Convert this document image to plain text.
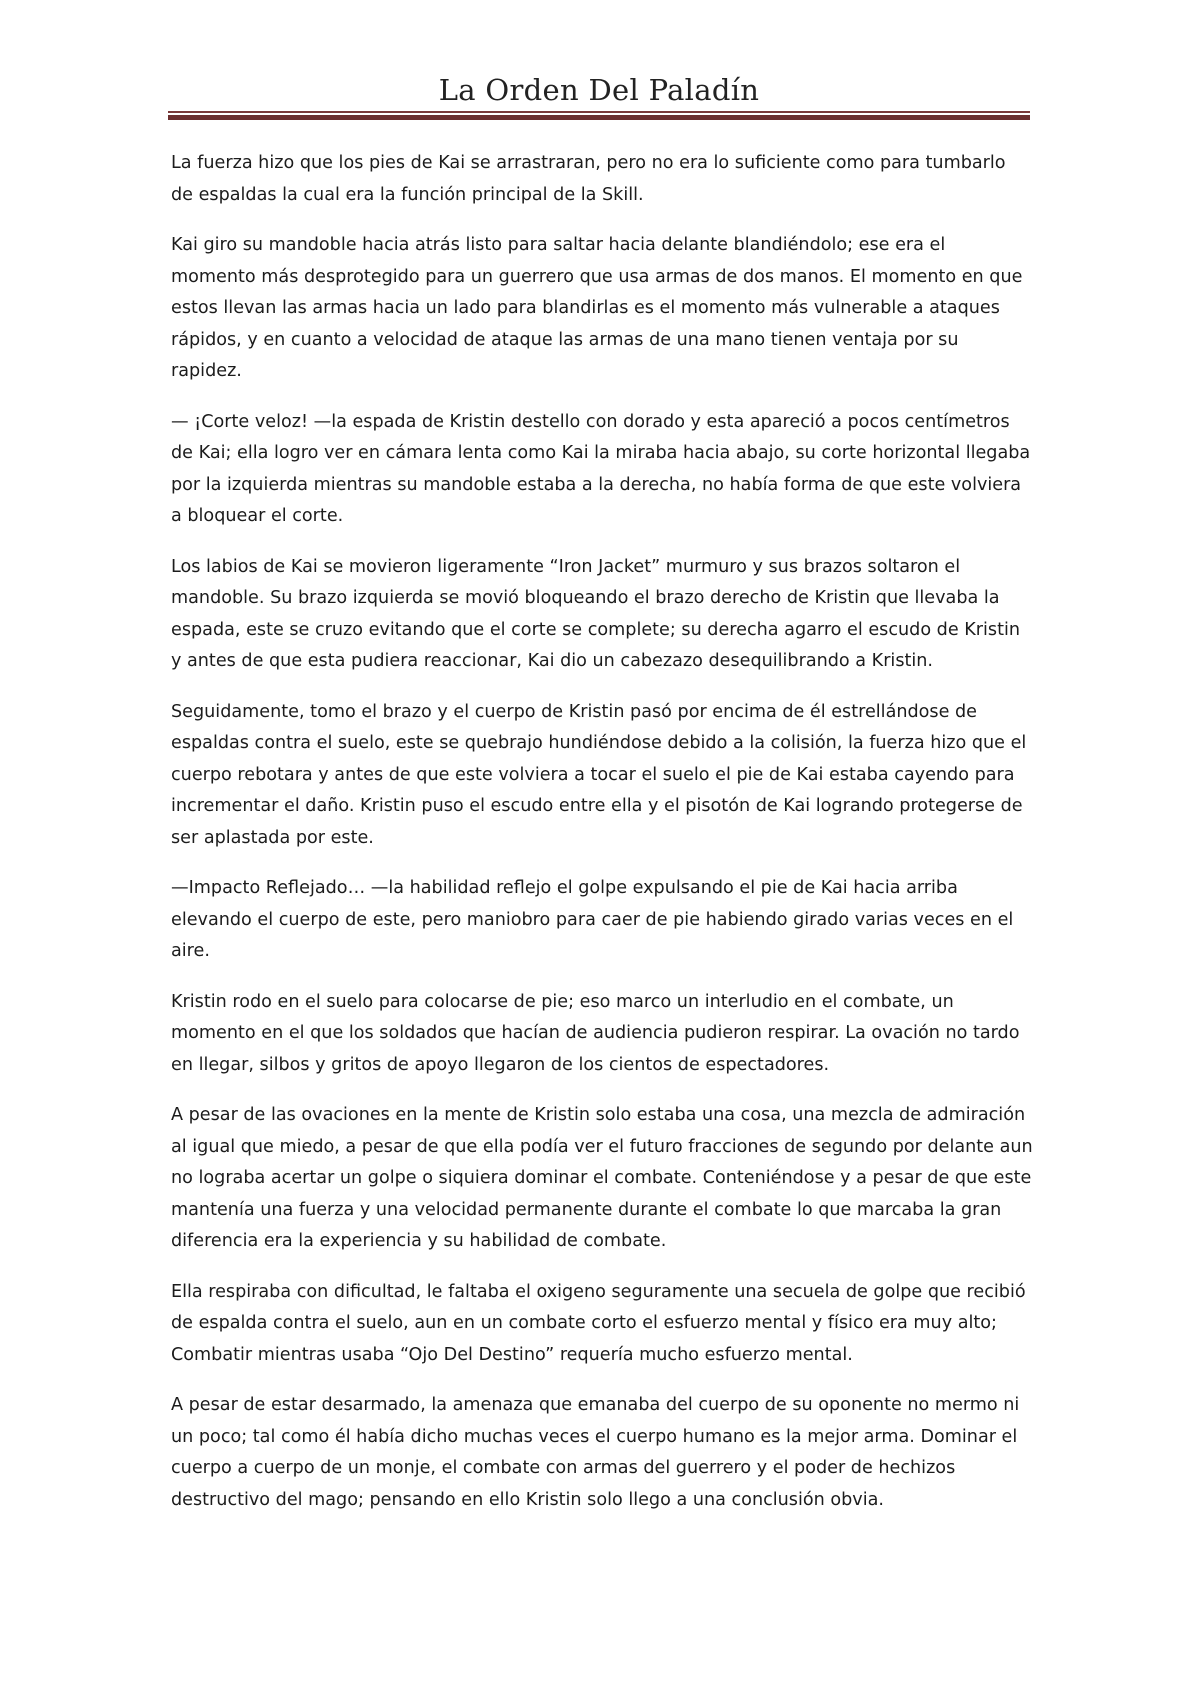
La Orden Del Paladín

La fuerza hizo que los pies de Kai se arrastraran, pero no era lo suficiente como para tumbarlo de espaldas la cual era la función principal de la Skill.

Kai giro su mandoble hacia atrás listo para saltar hacia delante blandiéndolo; ese era el momento más desprotegido para un guerrero que usa armas de dos manos. El momento en que estos llevan las armas hacia un lado para blandirlas es el momento más vulnerable a ataques rápidos, y en cuanto a velocidad de ataque las armas de una mano tienen ventaja por su rapidez.

— ¡Corte veloz! —la espada de Kristin destello con dorado y esta apareció a pocos centímetros de Kai; ella logro ver en cámara lenta como Kai la miraba hacia abajo, su corte horizontal llegaba por la izquierda mientras su mandoble estaba a la derecha, no había forma de que este volviera a bloquear el corte.

Los labios de Kai se movieron ligeramente “Iron Jacket” murmuro y sus brazos soltaron el mandoble. Su brazo izquierda se movió bloqueando el brazo derecho de Kristin que llevaba la espada, este se cruzo evitando que el corte se complete; su derecha agarro el escudo de Kristin y antes de que esta pudiera reaccionar, Kai dio un cabezazo desequilibrando a Kristin.

Seguidamente, tomo el brazo y el cuerpo de Kristin pasó por encima de él estrellándose de espaldas contra el suelo, este se quebrajo hundiéndose debido a la colisión, la fuerza hizo que el cuerpo rebotara y antes de que este volviera a tocar el suelo el pie de Kai estaba cayendo para incrementar el daño. Kristin puso el escudo entre ella y el pisotón de Kai logrando protegerse de ser aplastada por este.

—Impacto Reflejado… —la habilidad reflejo el golpe expulsando el pie de Kai hacia arriba elevando el cuerpo de este, pero maniobro para caer de pie habiendo girado varias veces en el aire.

Kristin rodo en el suelo para colocarse de pie; eso marco un interludio en el combate, un momento en el que los soldados que hacían de audiencia pudieron respirar. La ovación no tardo en llegar, silbos y gritos de apoyo llegaron de los cientos de espectadores.

A pesar de las ovaciones en la mente de Kristin solo estaba una cosa, una mezcla de admiración al igual que miedo, a pesar de que ella podía ver el futuro fracciones de segundo por delante aun no lograba acertar un golpe o siquiera dominar el combate. Conteniéndose y a pesar de que este mantenía una fuerza y una velocidad permanente durante el combate lo que marcaba la gran diferencia era la experiencia y su habilidad de combate.

Ella respiraba con dificultad, le faltaba el oxigeno seguramente una secuela de golpe que recibió de espalda contra el suelo, aun en un combate corto el esfuerzo mental y físico era muy alto; Combatir mientras usaba “Ojo Del Destino” requería mucho esfuerzo mental.

A pesar de estar desarmado, la amenaza que emanaba del cuerpo de su oponente no mermo ni un poco; tal como él había dicho muchas veces el cuerpo humano es la mejor arma. Dominar el cuerpo a cuerpo de un monje, el combate con armas del guerrero y el poder de hechizos destructivo del mago; pensando en ello Kristin solo llego a una conclusión obvia.
